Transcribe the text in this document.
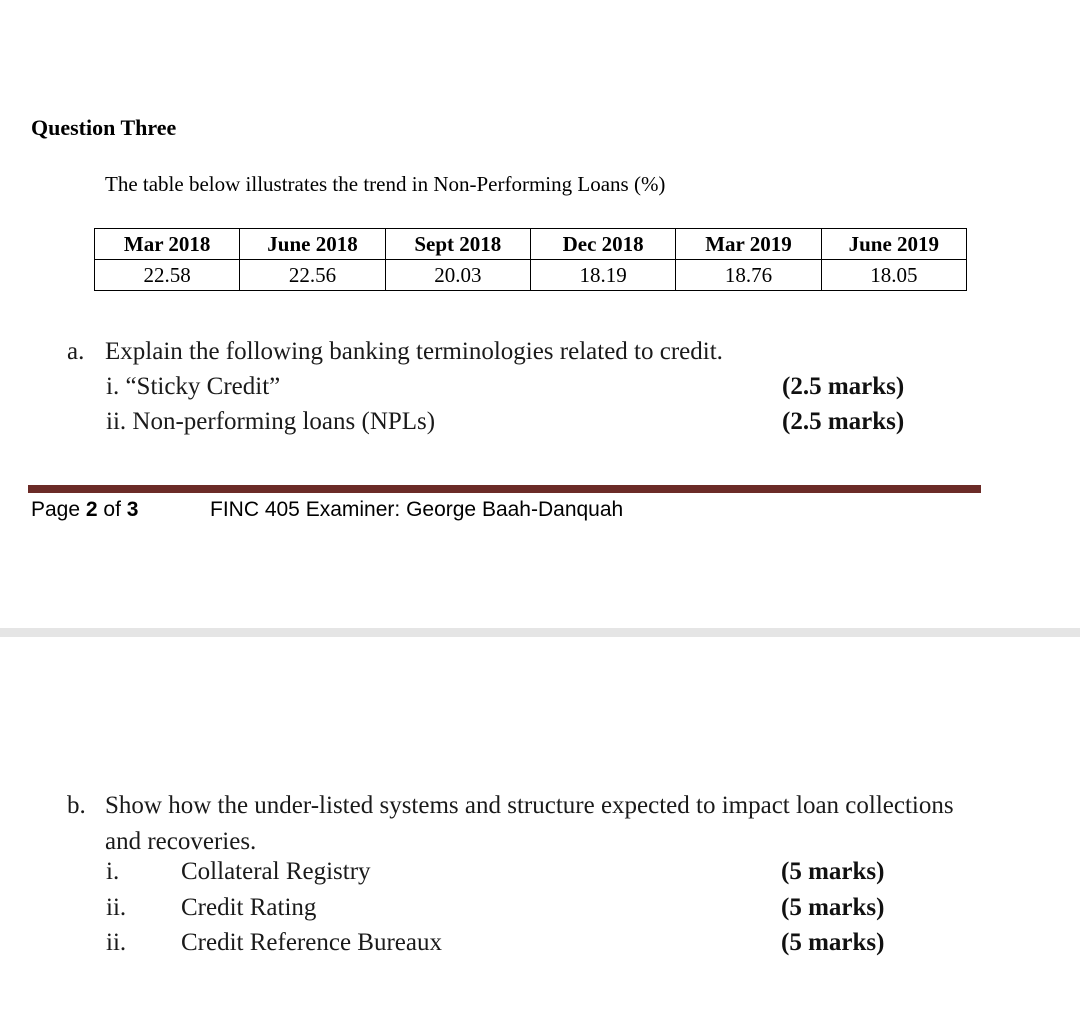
Question Three
The table below illustrates the trend in Non-Performing Loans (%)
Mar 2018	June 2018	Sept 2018	Dec 2018	Mar 2019	June 2019
22.58	22.56	20.03	18.19	18.76	18.05
a. Explain the following banking terminologies related to credit.
i. “Sticky Credit”	(2.5 marks)
ii. Non-performing loans (NPLs)	(2.5 marks)
Page 2 of 3	FINC 405 Examiner: George Baah-Danquah
b. Show how the under-listed systems and structure expected to impact loan collections and recoveries.
i. Collateral Registry	(5 marks)
ii. Credit Rating	(5 marks)
ii. Credit Reference Bureaux	(5 marks)
